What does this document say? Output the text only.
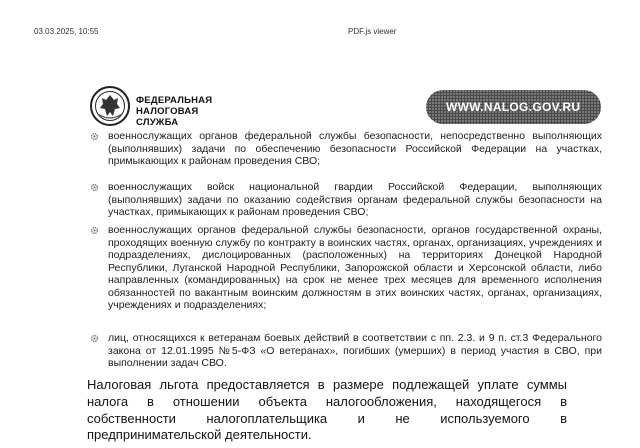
03.03.2025, 10:55	PDF.js viewer
ФЕДЕРАЛЬНАЯ
НАЛОГОВАЯ СЛУЖБА
WWW.NALOG.GOV.RU
военнослужащих органов федеральной службы безопасности, непосредственно выполняющих (выполнявших) задачи по обеспечению безопасности Российской Федерации на участках, примыкающих к районам проведения СВО;
военнослужащих войск национальной гвардии Российской Федерации, выполняющих (выполнявших) задачи по оказанию содействия органам федеральной службы безопасности на участках, примыкающих к районам проведения СВО;
военнослужащих органов федеральной службы безопасности, органов государственной охраны, проходящих военную службу по контракту в воинских частях, органах, организациях, учреждениях и подразделениях, дислоцированных (расположенных) на территориях Донецкой Народной Республики, Луганской Народной Республики, Запорожской области и Херсонской области, либо направленных (командированных) на срок не менее трех месяцев для временного исполнения обязанностей по вакантным воинским должностям в этих воинских частях, органах, организациях, учреждениях и подразделениях;
лиц, относящихся к ветеранам боевых действий в соответствии с пп. 2.3. и 9 п. ст.3 Федерального закона от 12.01.1995 №5-ФЗ «О ветеранах», погибших (умерших) в период участия в СВО, при выполнении задач СВО.
Налоговая льгота предоставляется в размере подлежащей уплате суммы налога в отношении объекта налогообложения, находящегося в собственности налогоплательщика и не используемого в предпринимательской деятельности.
